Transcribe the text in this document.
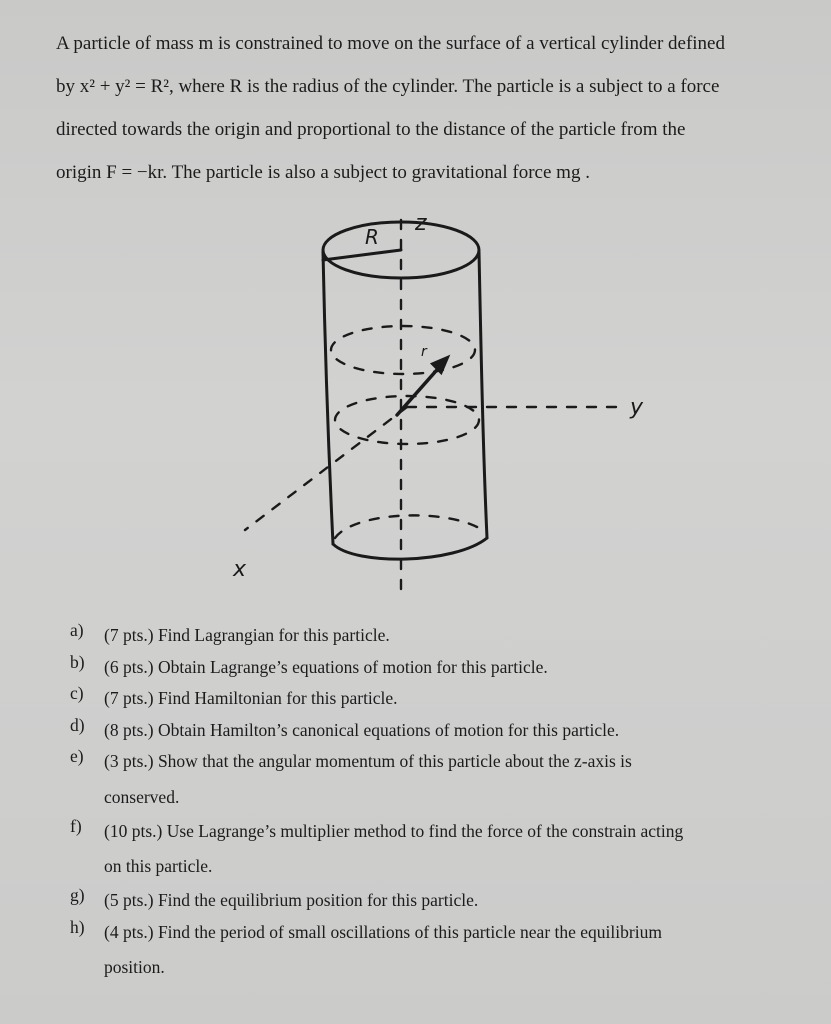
A particle of mass m is constrained to move on the surface of a vertical cylinder defined

by x² + y² = R², where R is the radius of the cylinder. The particle is a subject to a force

directed towards the origin and proportional to the distance of the particle from the

origin F = −kr. The particle is also a subject to gravitational force mg .

R
z
y
x
r
a)	(7 pts.) Find Lagrangian for this particle.
b)	(6 pts.) Obtain Lagrange’s equations of motion for this particle.
c)	(7 pts.) Find Hamiltonian for this particle.
d)	(8 pts.) Obtain Hamilton’s canonical equations of motion for this particle.
e)	(3 pts.) Show that the angular momentum of this particle about the z-axis is
conserved.
f)	(10 pts.) Use Lagrange’s multiplier method to find the force of the constrain acting
on this particle.
g)	(5 pts.) Find the equilibrium position for this particle.
h)	(4 pts.) Find the period of small oscillations of this particle near the equilibrium
position.
